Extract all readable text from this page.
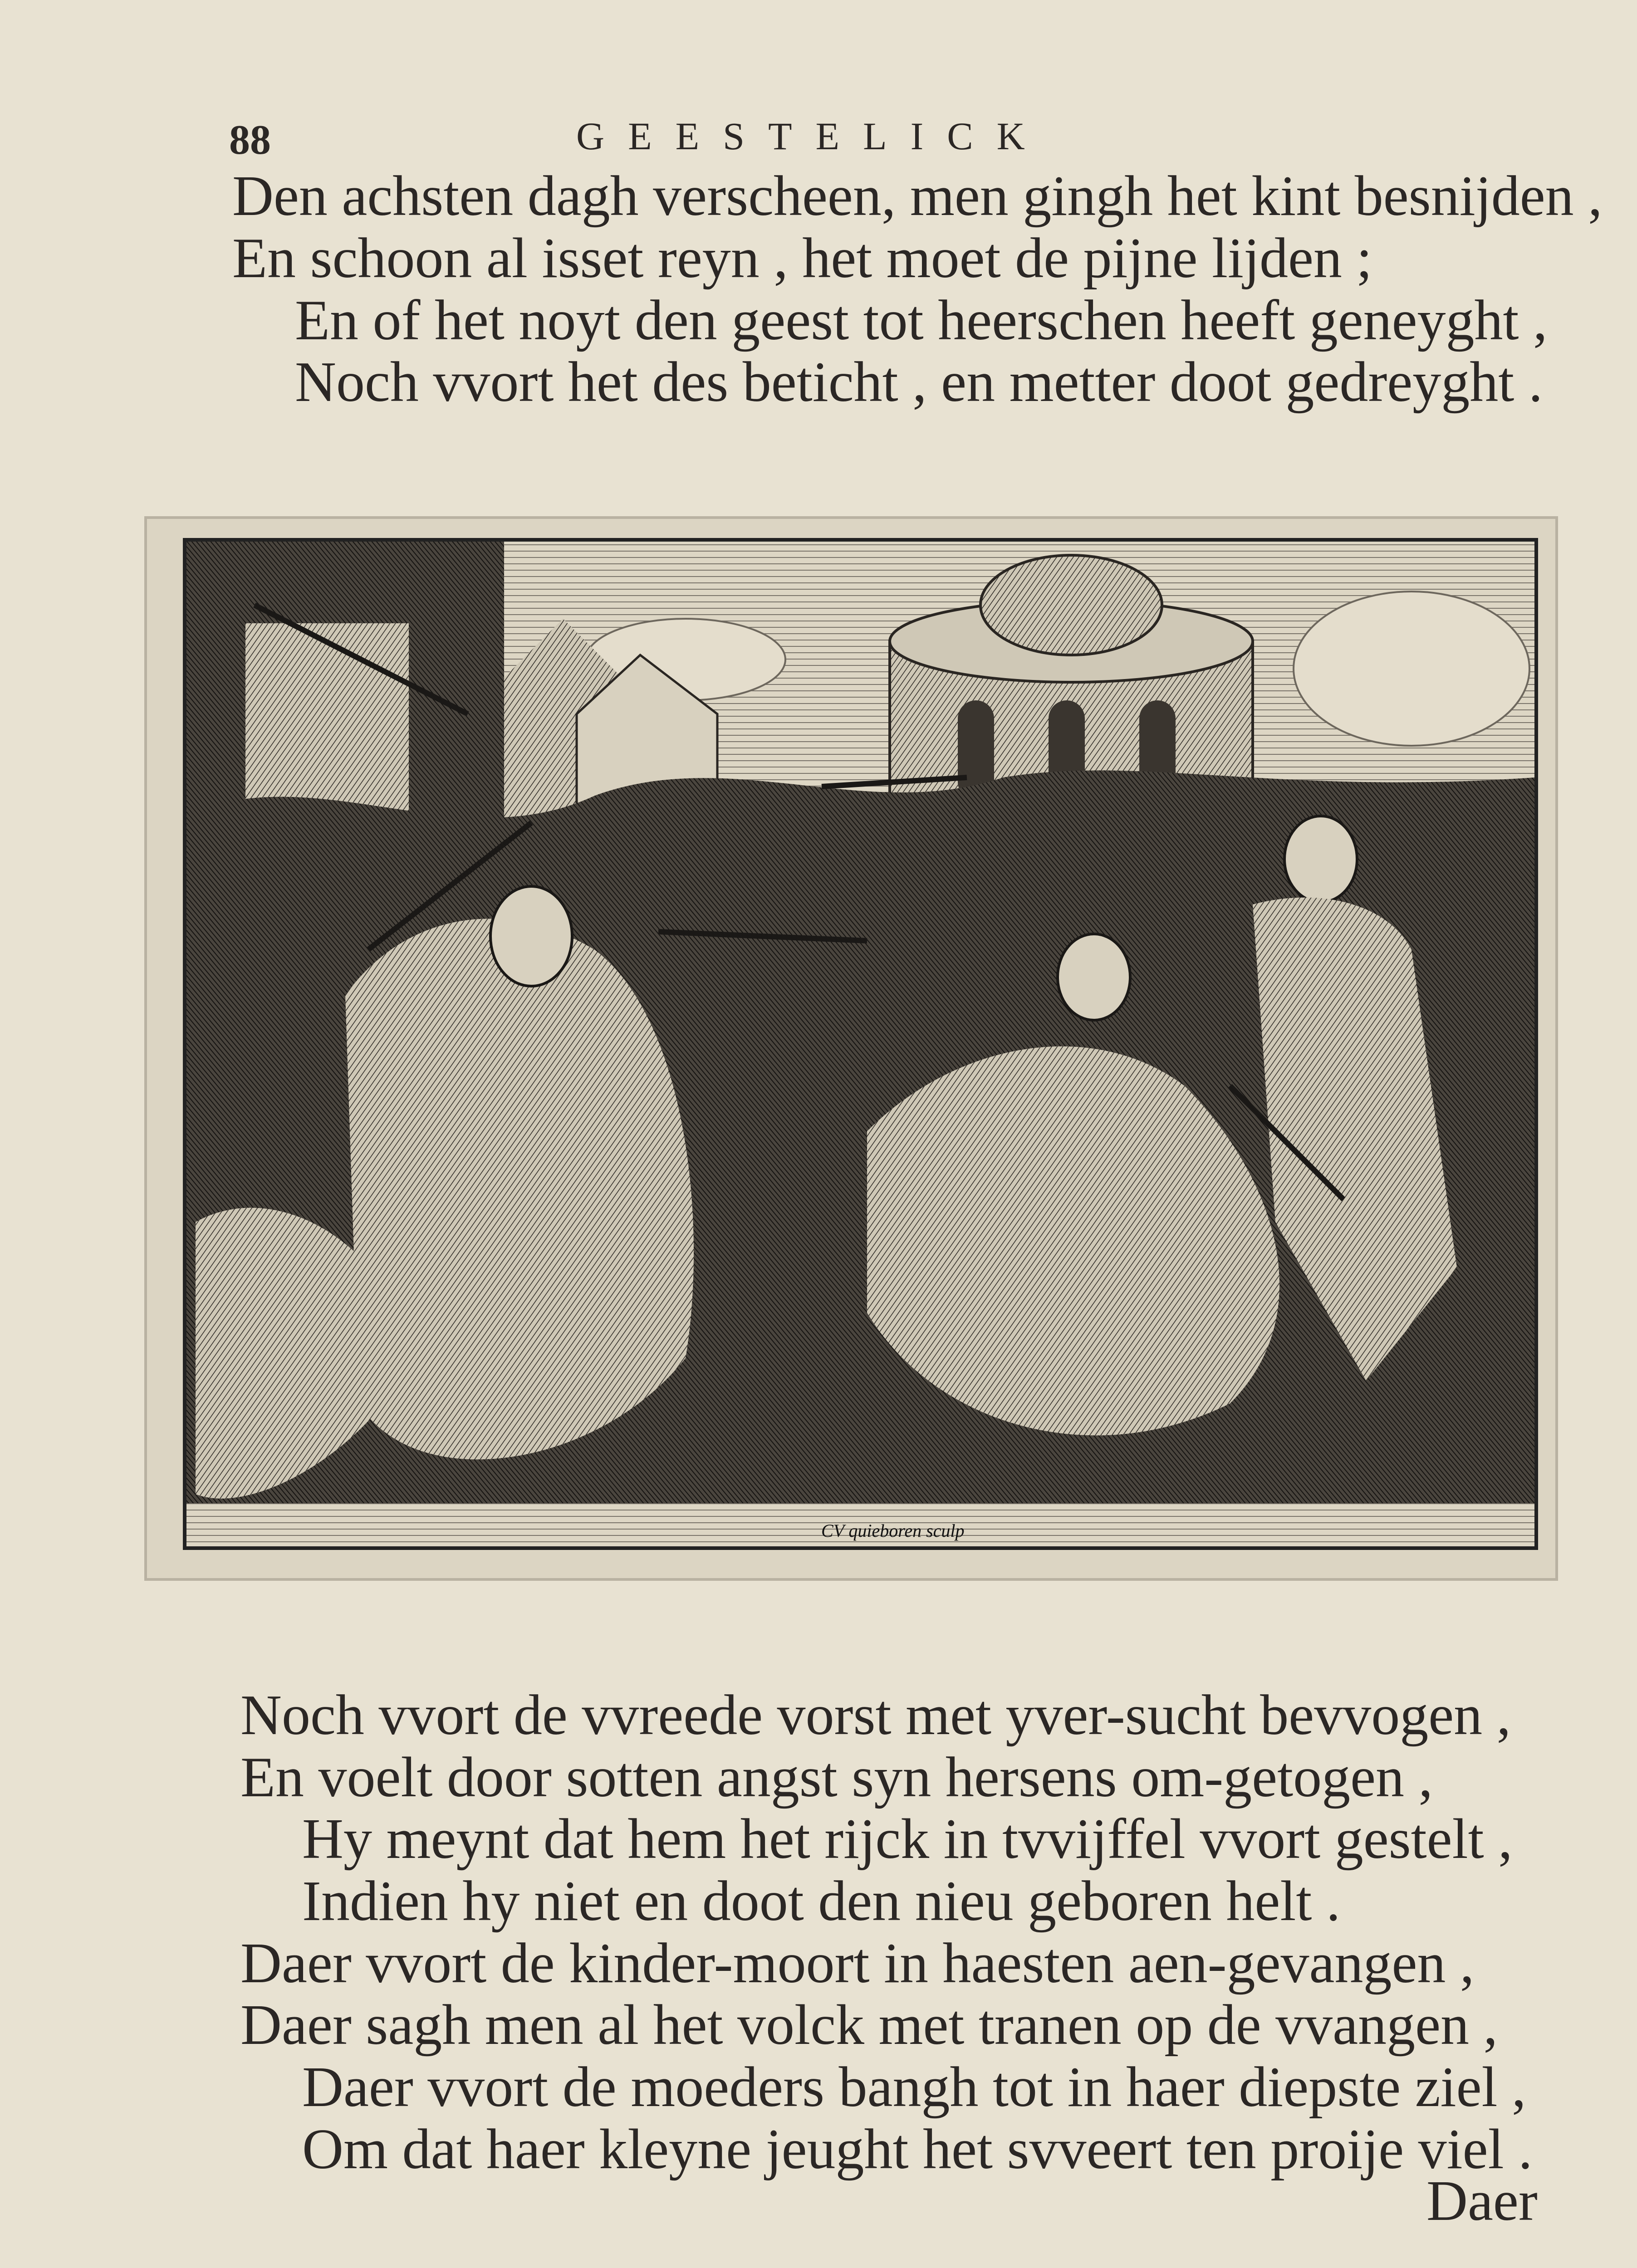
88	GEESTELICK
Den achsten dagh verscheen, men gingh het kint besnijden ,
En schoon al isset reyn , het moet de pijne lijden ;
En of het noyt den geest tot heerschen heeft geneyght ,
Noch vvort het des beticht , en metter doot gedreyght .
CV quieboren sculp
Noch vvort de vvreede vorst met yver-sucht bevvogen ,
En voelt door sotten angst syn hersens om-getogen ,
Hy meynt dat hem het rijck in tvvijffel vvort gestelt ,
Indien hy niet en doot den nieu geboren helt .
Daer vvort de kinder-moort in haesten aen-gevangen ,
Daer sagh men al het volck met tranen op de vvangen ,
Daer vvort de moeders bangh tot in haer diepste ziel ,
Om dat haer kleyne jeught het svveert ten proije viel .
Daer
